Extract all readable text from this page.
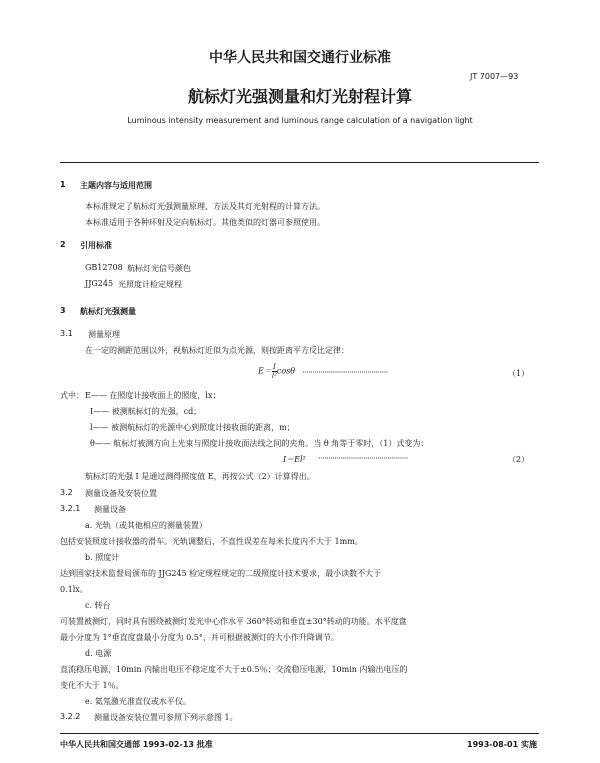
中华人民共和国交通行业标准
JT 7007—93
航标灯光强测量和灯光射程计算
Luminous intensity measurement and luminous range calculation of a navigation light
1 主题内容与适用范围
本标准规定了航标灯光强测量原理、方法及其灯光射程的计算方法。
本标准适用于各种环射及定向航标灯。其他类似的灯器可参照使用。
2 引用标准
GB12708 航标灯光信号颜色
JJG245 光照度计检定规程
3 航标灯光强测量
3.1 测量原理
在一定的测距范围以外，视航标灯近似为点光源，则按距离平方反比定律：
$E= \frac{I}{\text{l²}}$ cosθ ··········································	（1）
式中： E—— 在照度计接收面上的照度，lx；
I—— 被测航标灯的光强，cd；
l—— 被测航标灯的光源中心到照度计接收面的距离，m；
θ—— 航标灯被测方向上光束与照度计接收面法线之间的夹角。当 θ 角等于零时，（1）式变为：
I＝El² ············································	（2）
航标灯的光强 I 是通过测得照度值 E，再按公式（2）计算得出。
3.2 测量设备及安装位置
3.2.1 测量设备
a. 光轨（或其他相应的测量装置）
包括安装照度计接收器的滑车。光轨调整后，不直性误差在每米长度内不大于 1mm。
b. 照度计
达到国家技术监督局颁布的 JJG245 检定规程规定的二级照度计技术要求，最小读数不大于
0.1lx。
c. 转台
可装置被测灯，同时具有围绕被测灯发光中心作水平 360°转动和垂直±30°转动的功能。水平度盘
最小分度为 1°垂直度盘最小分度为 0.5°，并可根据被测灯的大小作升降调节。
d. 电源
直流稳压电源，10min 内输出电压不稳定度不大于±0.5％；交流稳压电源，10min 内输出电压的
变化不大于 1％。
e. 氦氖激光准直仪或水平仪。
3.2.2 测量设备安装位置可参照下列示意图 1。
中华人民共和国交通部 1993-02-13 批准	1993-08-01 实施
